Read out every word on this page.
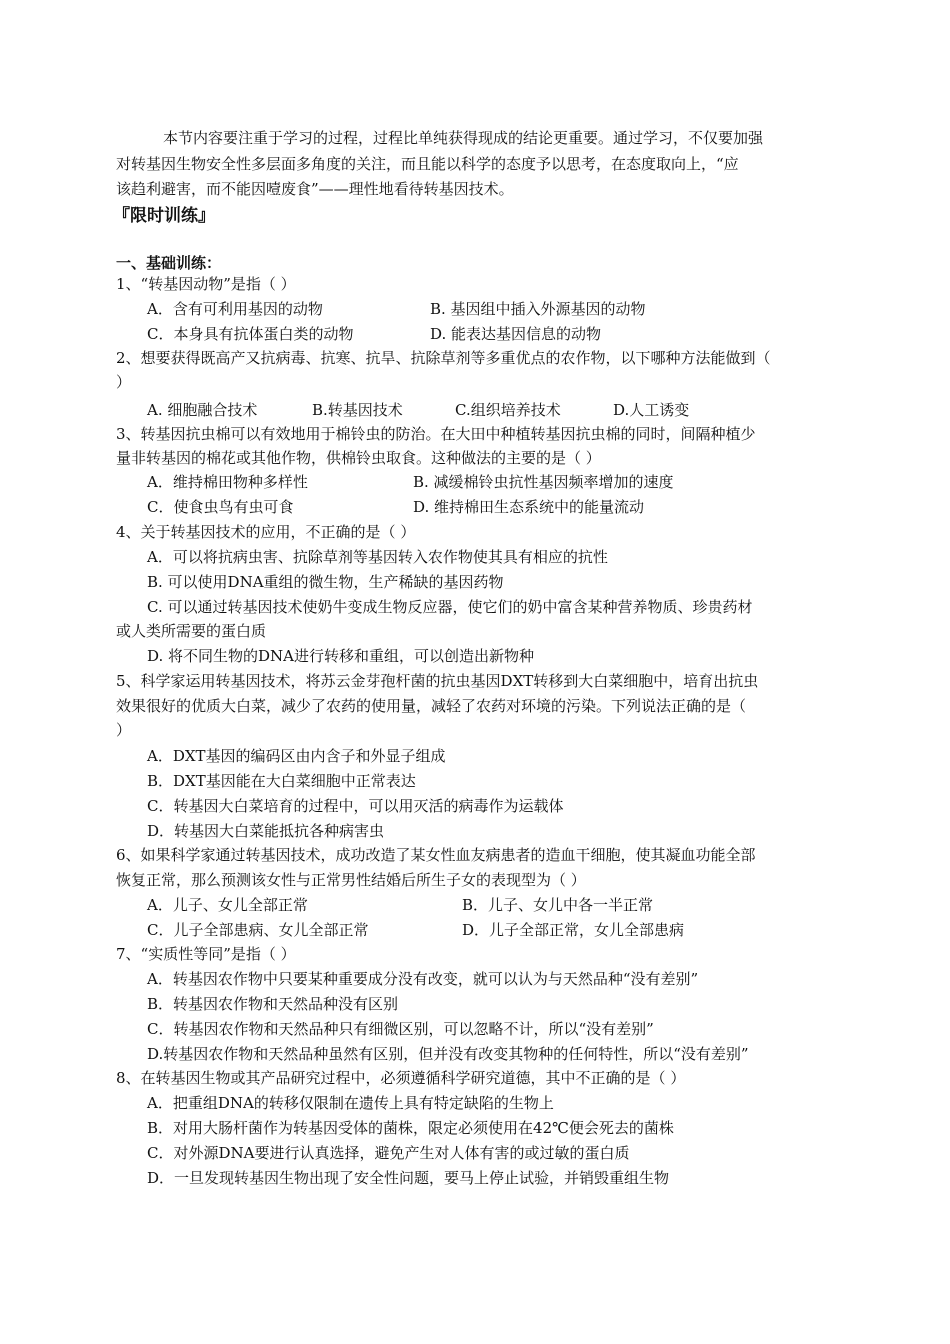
本节内容要注重于学习的过程，过程比单纯获得现成的结论更重要。通过学习，不仅要加强
对转基因生物安全性多层面多角度的关注，而且能以科学的态度予以思考，在态度取向上，“应
该趋利避害，而不能因噎废食”——理性地看待转基因技术。
『限时训练』
一、基础训练：
1、“转基因动物”是指（ ）
A．含有可利用基因的动物	B. 基因组中插入外源基因的动物
C．本身具有抗体蛋白类的动物	D. 能表达基因信息的动物
2、想要获得既高产又抗病毒、抗寒、抗旱、抗除草剂等多重优点的农作物，以下哪种方法能做到（
）
A. 细胞融合技术	B.转基因技术	C.组织培养技术	D.人工诱变
3、转基因抗虫棉可以有效地用于棉铃虫的防治。在大田中种植转基因抗虫棉的同时，间隔种植少
量非转基因的棉花或其他作物，供棉铃虫取食。这种做法的主要的是（ ）
A．维持棉田物种多样性	B. 减缓棉铃虫抗性基因频率增加的速度
C．使食虫鸟有虫可食	D. 维持棉田生态系统中的能量流动
4、关于转基因技术的应用，不正确的是（ ）
A．可以将抗病虫害、抗除草剂等基因转入农作物使其具有相应的抗性
B. 可以使用DNA重组的微生物，生产稀缺的基因药物
C. 可以通过转基因技术使奶牛变成生物反应器，使它们的奶中富含某种营养物质、珍贵药材
或人类所需要的蛋白质
D. 将不同生物的DNA进行转移和重组，可以创造出新物种
5、科学家运用转基因技术，将苏云金芽孢杆菌的抗虫基因DXT转移到大白菜细胞中，培育出抗虫
效果很好的优质大白菜，减少了农药的使用量，减轻了农药对环境的污染。下列说法正确的是（
）
A．DXT基因的编码区由内含子和外显子组成
B．DXT基因能在大白菜细胞中正常表达
C．转基因大白菜培育的过程中，可以用灭活的病毒作为运载体
D．转基因大白菜能抵抗各种病害虫
6、如果科学家通过转基因技术，成功改造了某女性血友病患者的造血干细胞，使其凝血功能全部
恢复正常，那么预测该女性与正常男性结婚后所生子女的表现型为（ ）
A．儿子、女儿全部正常	B．儿子、女儿中各一半正常
C．儿子全部患病、女儿全部正常	D．儿子全部正常，女儿全部患病
7、“实质性等同”是指（ ）
A．转基因农作物中只要某种重要成分没有改变，就可以认为与天然品种“没有差别”
B．转基因农作物和天然品种没有区别
C．转基因农作物和天然品种只有细微区别，可以忽略不计，所以“没有差别”
D.转基因农作物和天然品种虽然有区别，但并没有改变其物种的任何特性，所以“没有差别”
8、在转基因生物或其产品研究过程中，必须遵循科学研究道德，其中不正确的是（ ）
A．把重组DNA的转移仅限制在遗传上具有特定缺陷的生物上
B．对用大肠杆菌作为转基因受体的菌株，限定必须使用在42℃便会死去的菌株
C．对外源DNA要进行认真选择，避免产生对人体有害的或过敏的蛋白质
D．一旦发现转基因生物出现了安全性问题，要马上停止试验，并销毁重组生物
